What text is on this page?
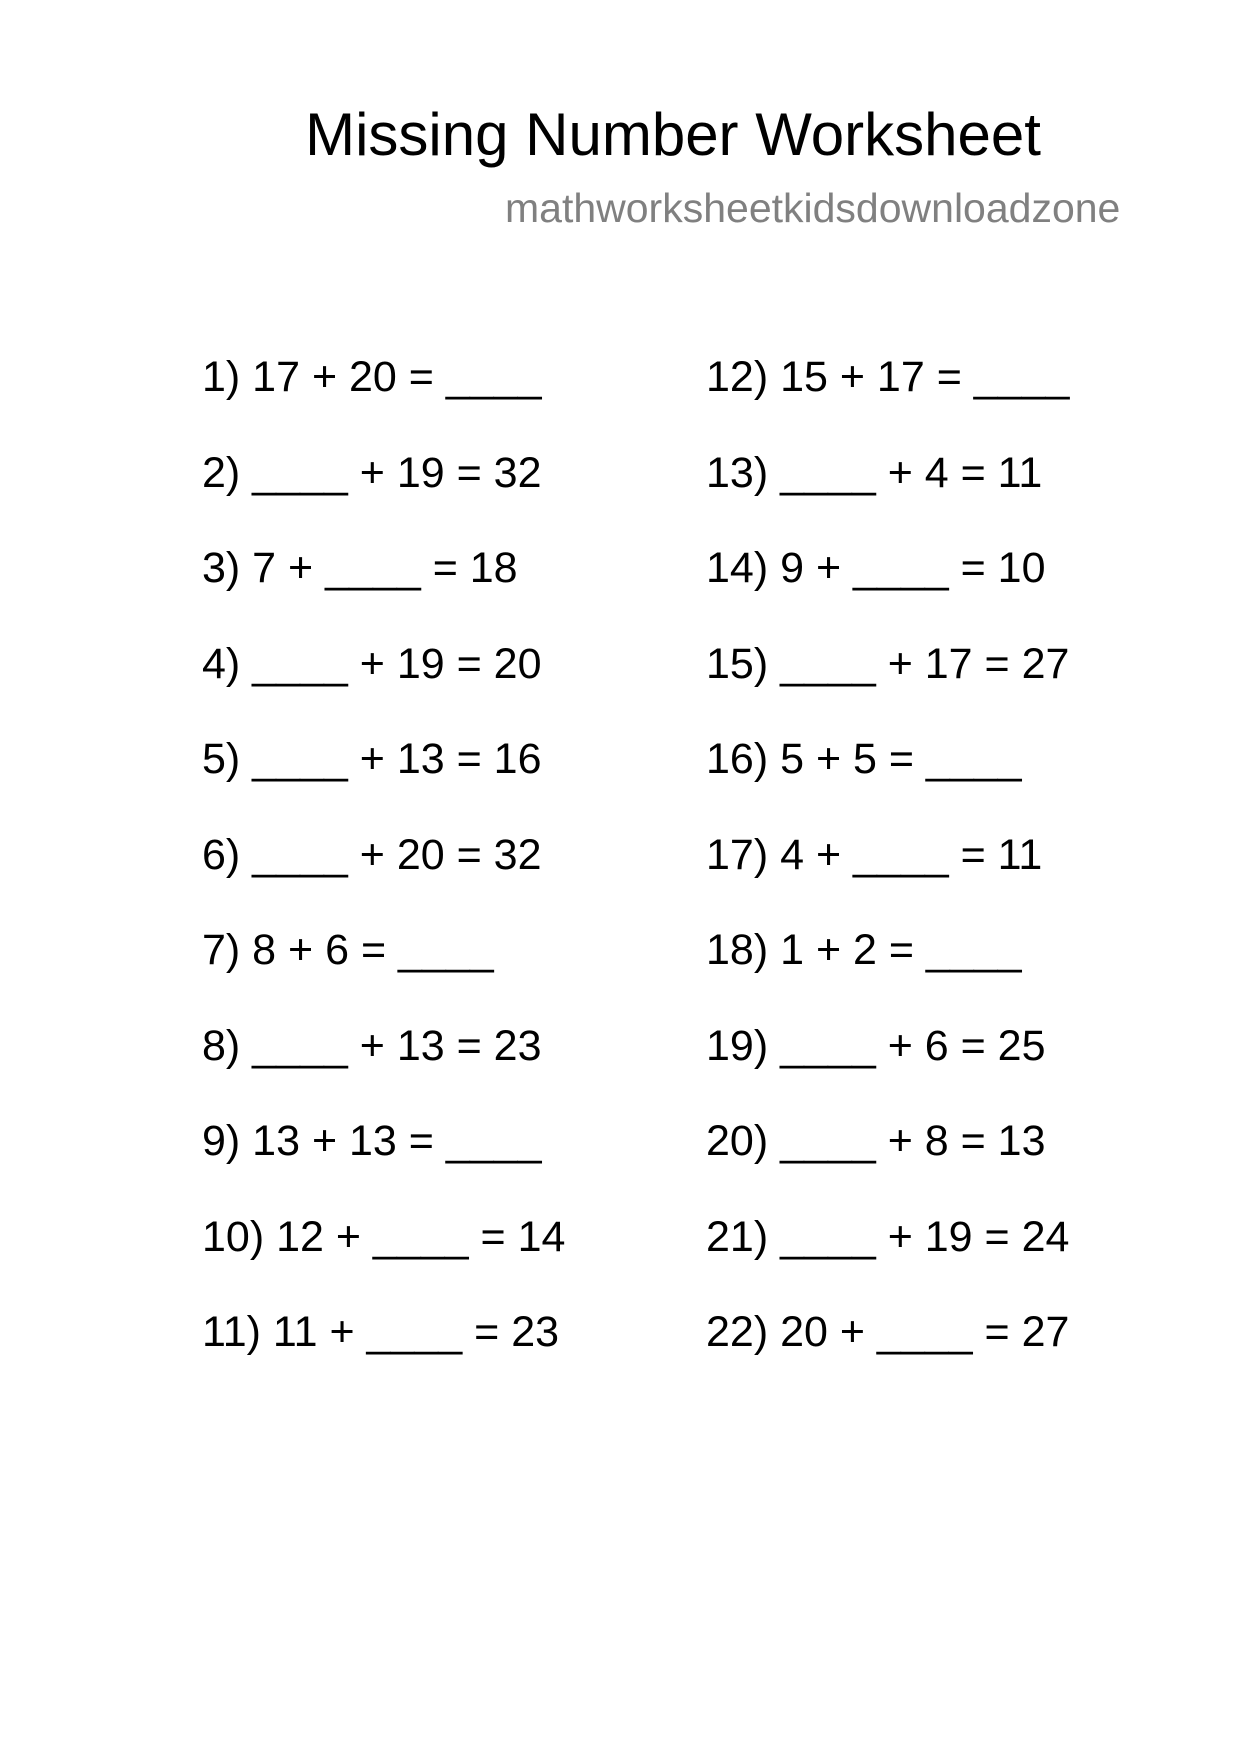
Missing Number Worksheet
mathworksheetkidsdownloadzone
1) 17 + 20 = ____
2) ____ + 19 = 32
3) 7 + ____ = 18
4) ____ + 19 = 20
5) ____ + 13 = 16
6) ____ + 20 = 32
7) 8 + 6 = ____
8) ____ + 13 = 23
9) 13 + 13 = ____
10) 12 + ____ = 14
11) 11 + ____ = 23
12) 15 + 17 = ____
13) ____ + 4 = 11
14) 9 + ____ = 10
15) ____ + 17 = 27
16) 5 + 5 = ____
17) 4 + ____ = 11
18) 1 + 2 = ____
19) ____ + 6 = 25
20) ____ + 8 = 13
21) ____ + 19 = 24
22) 20 + ____ = 27
